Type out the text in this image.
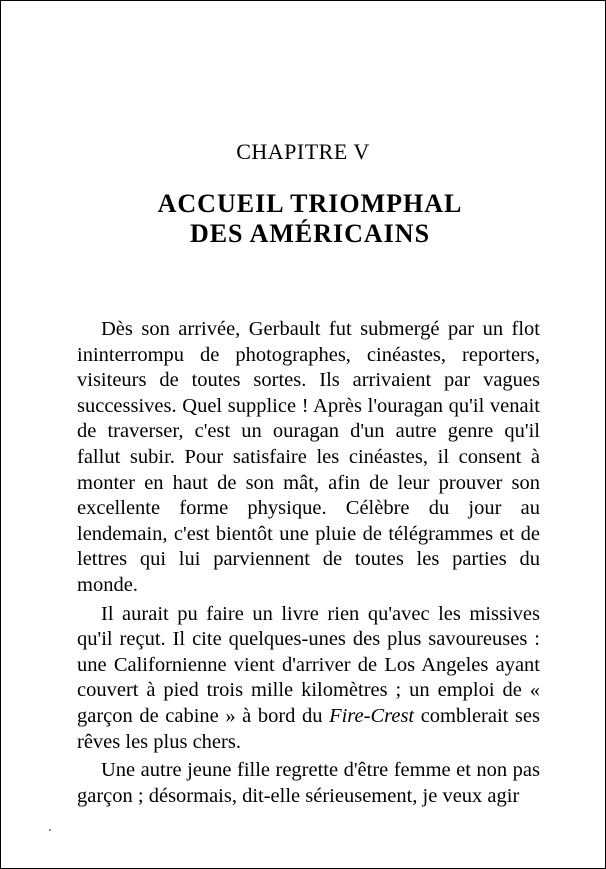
CHAPITRE V
ACCUEIL TRIOMPHAL
DES AMÉRICAINS

Dès son arrivée, Gerbault fut submergé par un flot ininterrompu de photographes, cinéastes, reporters, visiteurs de toutes sortes. Ils arrivaient par vagues successives. Quel supplice ! Après l'ouragan qu'il venait de traverser, c'est un ouragan d'un autre genre qu'il fallut subir. Pour satisfaire les cinéastes, il consent à monter en haut de son mât, afin de leur prouver son excellente forme physique. Célèbre du jour au lendemain, c'est bientôt une pluie de télégrammes et de lettres qui lui parviennent de toutes les parties du monde.

Il aurait pu faire un livre rien qu'avec les missives qu'il reçut. Il cite quelques-unes des plus savoureuses : une Californienne vient d'arriver de Los Angeles ayant couvert à pied trois mille kilomètres ; un emploi de « garçon de cabine » à bord du Fire-Crest comblerait ses rêves les plus chers.

Une autre jeune fille regrette d'être femme et non pas garçon ; désormais, dit-elle sérieusement, je veux agir
